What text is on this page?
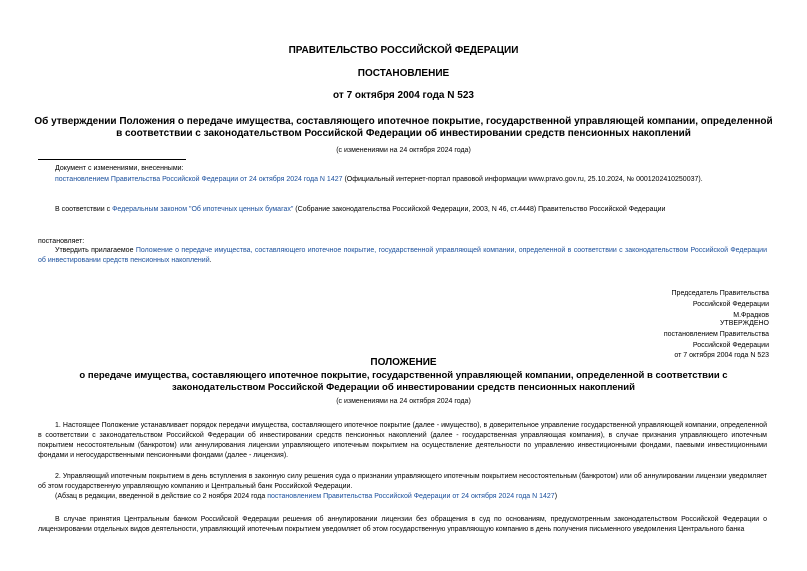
ПРАВИТЕЛЬСТВО РОССИЙСКОЙ ФЕДЕРАЦИИ
ПОСТАНОВЛЕНИЕ
от 7 октября 2004 года N 523
Об утверждении Положения о передаче имущества, составляющего ипотечное покрытие, государственной управляющей компании, определенной в соответствии с законодательством Российской Федерации об инвестировании средств пенсионных накоплений
(с изменениями на 24 октября 2024 года)
Документ с изменениями, внесенными:
постановлением Правительства Российской Федерации от 24 октября 2024 года N 1427 (Официальный интернет-портал правовой информации www.pravo.gov.ru, 25.10.2024, № 0001202410250037).
В соответствии с Федеральным законом "Об ипотечных ценных бумагах" (Собрание законодательства Российской Федерации, 2003, N 46, ст.4448) Правительство Российской Федерации
постановляет:
Утвердить прилагаемое Положение о передаче имущества, составляющего ипотечное покрытие, государственной управляющей компании, определенной в соответствии с законодательством Российской Федерации об инвестировании средств пенсионных накоплений.
Председатель Правительства
Российской Федерации
М.Фрадков
УТВЕРЖДЕНО
постановлением Правительства
Российской Федерации
от 7 октября 2004 года N 523
ПОЛОЖЕНИЕ
о передаче имущества, составляющего ипотечное покрытие, государственной управляющей компании, определенной в соответствии с законодательством Российской Федерации об инвестировании средств пенсионных накоплений
(с изменениями на 24 октября 2024 года)
1. Настоящее Положение устанавливает порядок передачи имущества, составляющего ипотечное покрытие (далее - имущество), в доверительное управление государственной управляющей компании, определенной в соответствии с законодательством Российской Федерации об инвестировании средств пенсионных накоплений (далее - государственная управляющая компания), в случае признания управляющего ипотечным покрытием несостоятельным (банкротом) или аннулирования лицензии управляющего ипотечным покрытием на осуществление деятельности по управлению инвестиционными фондами, паевыми инвестиционными фондами и негосударственными пенсионными фондами (далее - лицензия).
2. Управляющий ипотечным покрытием в день вступления в законную силу решения суда о признании управляющего ипотечным покрытием несостоятельным (банкротом) или об аннулировании лицензии уведомляет об этом государственную управляющую компанию и Центральный банк Российской Федерации.
(Абзац в редакции, введенной в действие со 2 ноября 2024 года постановлением Правительства Российской Федерации от 24 октября 2024 года N 1427)
В случае принятия Центральным банком Российской Федерации решения об аннулировании лицензии без обращения в суд по основаниям, предусмотренным законодательством Российской Федерации о лицензировании отдельных видов деятельности, управляющий ипотечным покрытием уведомляет об этом государственную управляющую компанию в день получения письменного уведомления Центрального банка
